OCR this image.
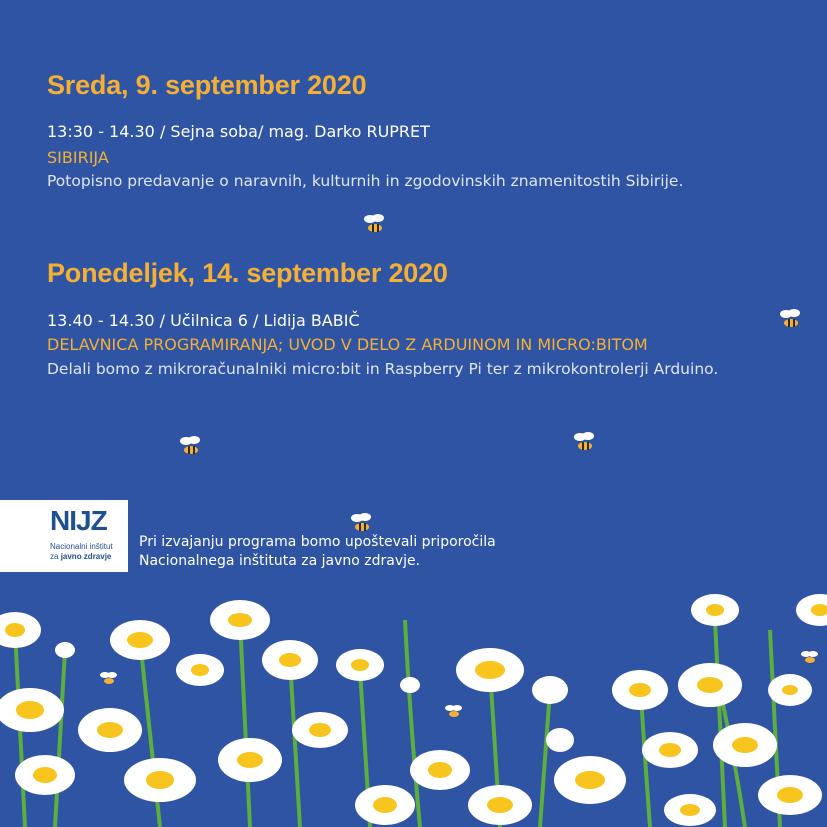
Sreda, 9. september 2020
13:30 - 14.30 / Sejna soba/ mag. Darko RUPRET
SIBIRIJA
Potopisno predavanje o naravnih, kulturnih in zgodovinskih znamenitostih Sibirije.
Ponedeljek, 14. september 2020
13.40 - 14.30 / Učilnica 6 / Lidija BABIČ
DELAVNICA PROGRAMIRANJA; UVOD V DELO Z ARDUINOM IN MICRO:BITOM
Delali bomo z mikroračunalniki micro:bit in Raspberry Pi ter z mikrokontrolerji Arduino.
NIJZ
Nacionalni inštitut
za javno zdravje
Pri izvajanju programa bomo upoštevali priporočila
Nacionalnega inštituta za javno zdravje.
